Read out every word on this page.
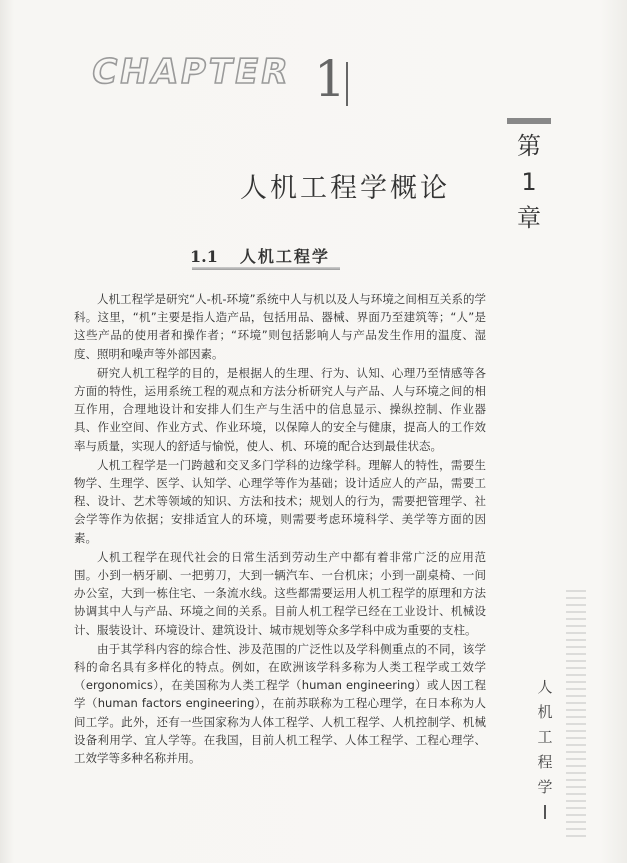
CHAPTER 1
第
1
章
人机工程学概论
1.1 人机工程学

人机工程学是研究“人-机-环境”系统中人与机以及人与环境之间相互关系的学科。这里，“机”主要是指人造产品，包括用品、器械、界面乃至建筑等；“人”是这些产品的使用者和操作者；“环境”则包括影响人与产品发生作用的温度、湿度、照明和噪声等外部因素。

研究人机工程学的目的，是根据人的生理、行为、认知、心理乃至情感等各方面的特性，运用系统工程的观点和方法分析研究人与产品、人与环境之间的相互作用，合理地设计和安排人们生产与生活中的信息显示、操纵控制、作业器具、作业空间、作业方式、作业环境，以保障人的安全与健康，提高人的工作效率与质量，实现人的舒适与愉悦，使人、机、环境的配合达到最佳状态。

人机工程学是一门跨越和交叉多门学科的边缘学科。理解人的特性，需要生物学、生理学、医学、认知学、心理学等作为基础；设计适应人的产品，需要工程、设计、艺术等领域的知识、方法和技术；规划人的行为，需要把管理学、社会学等作为依据；安排适宜人的环境，则需要考虑环境科学、美学等方面的因素。

人机工程学在现代社会的日常生活到劳动生产中都有着非常广泛的应用范围。小到一柄牙刷、一把剪刀，大到一辆汽车、一台机床；小到一副桌椅、一间办公室，大到一栋住宅、一条流水线。这些都需要运用人机工程学的原理和方法协调其中人与产品、环境之间的关系。目前人机工程学已经在工业设计、机械设计、服装设计、环境设计、建筑设计、城市规划等众多学科中成为重要的支柱。

由于其学科内容的综合性、涉及范围的广泛性以及学科侧重点的不同，该学科的命名具有多样化的特点。例如，在欧洲该学科多称为人类工程学或工效学（ergonomics），在美国称为人类工程学（human engineering）或人因工程学（human factors engineering），在前苏联称为工程心理学，在日本称为人间工学。此外，还有一些国家称为人体工程学、人机工程学、人机控制学、机械设备利用学、宜人学等。在我国，目前人机工程学、人体工程学、工程心理学、工效学等多种名称并用。

人
机
工
程
学
